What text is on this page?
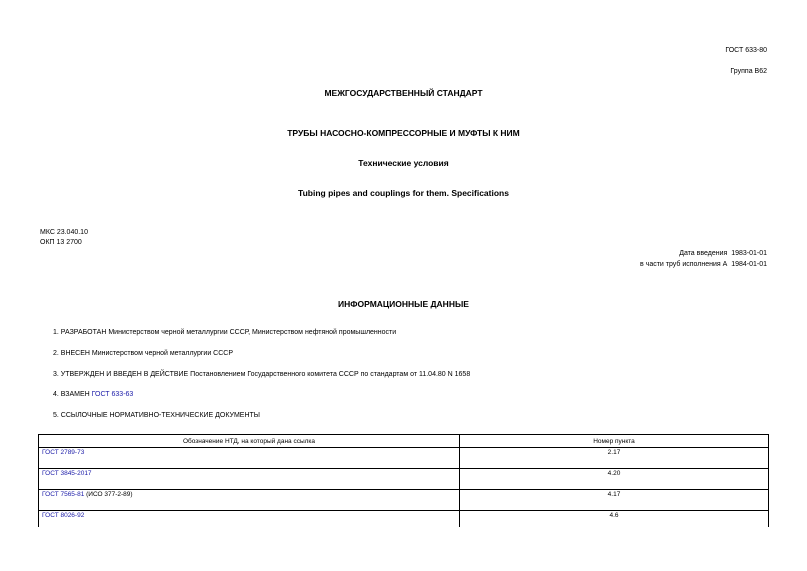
ГОСТ 633-80
Группа В62
МЕЖГОСУДАРСТВЕННЫЙ СТАНДАРТ
ТРУБЫ НАСОСНО-КОМПРЕССОРНЫЕ И МУФТЫ К НИМ
Технические условия
Tubing pipes and couplings for them. Specifications
МКС 23.040.10
ОКП 13 2700
Дата введения 1983-01-01
в части труб исполнения А 1984-01-01
ИНФОРМАЦИОННЫЕ ДАННЫЕ
1. РАЗРАБОТАН Министерством черной металлургии СССР, Министерством нефтяной промышленности
2. ВНЕСЕН Министерством черной металлургии СССР
3. УТВЕРЖДЕН И ВВЕДЕН В ДЕЙСТВИЕ Постановлением Государственного комитета СССР по стандартам от 11.04.80 N 1658
4. ВЗАМЕН ГОСТ 633-63
5. ССЫЛОЧНЫЕ НОРМАТИВНО-ТЕХНИЧЕСКИЕ ДОКУМЕНТЫ
Обозначение НТД, на который дана ссылка	Номер пункта
ГОСТ 2789-73	2.17
ГОСТ 3845-2017	4.20
ГОСТ 7565-81 (ИСО 377-2-89)	4.17
ГОСТ 8026-92	4.6
